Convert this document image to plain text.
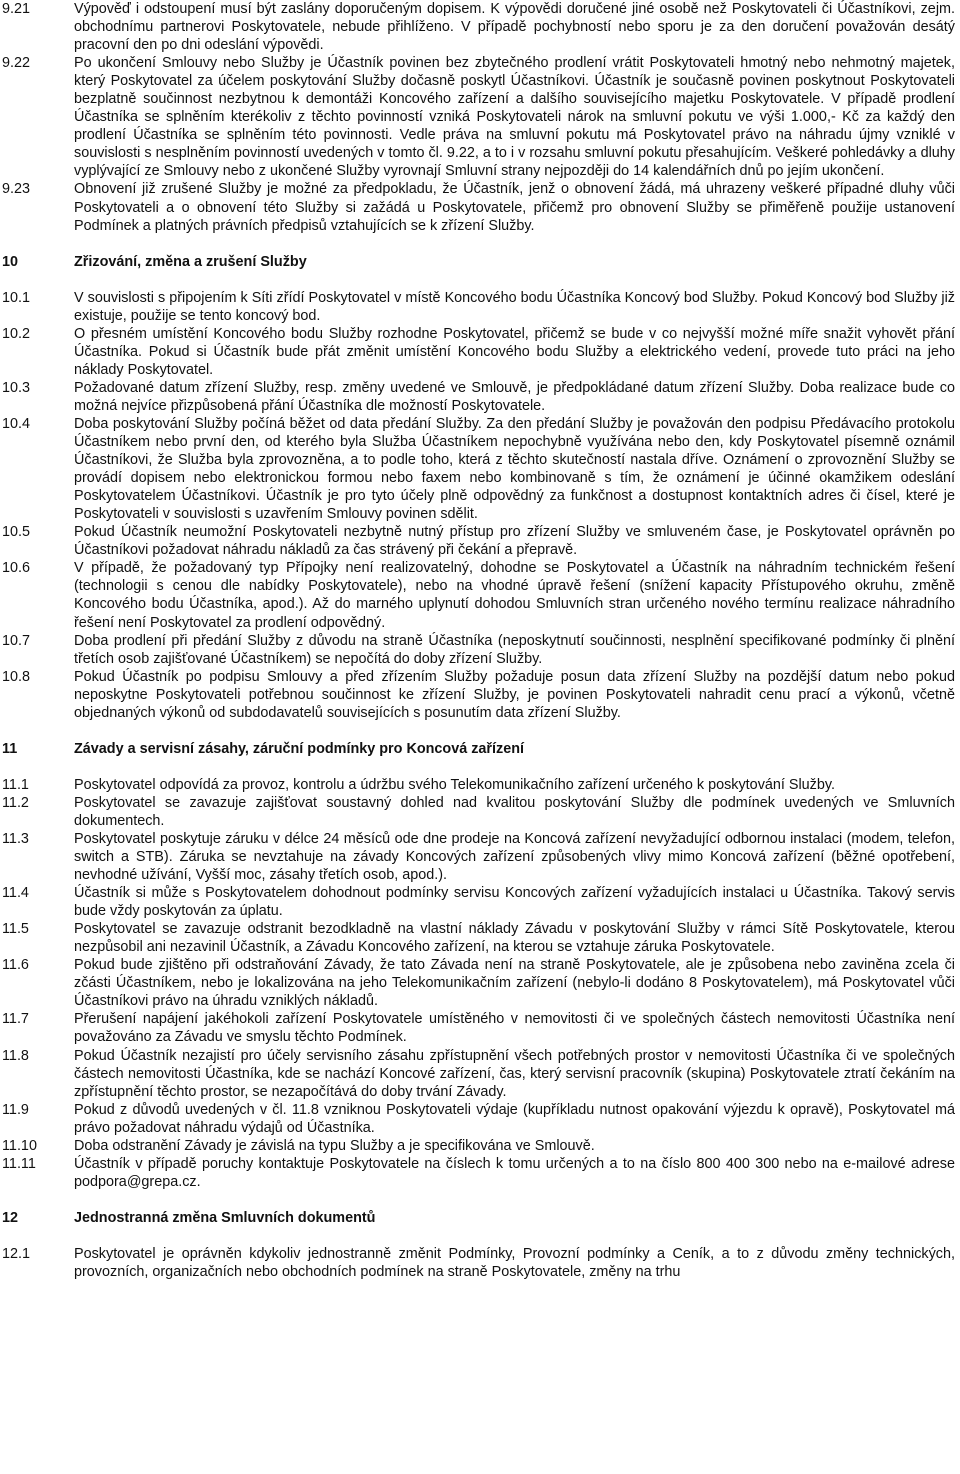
9.21	Výpověď i odstoupení musí být zaslány doporučeným dopisem. K výpovědi doručené jiné osobě než Poskytovateli či Účastníkovi, zejm. obchodnímu partnerovi Poskytovatele, nebude přihlíženo. V případě pochybností nebo sporu je za den doručení považován desátý pracovní den po dni odeslání výpovědi.
9.22	Po ukončení Smlouvy nebo Služby je Účastník povinen bez zbytečného prodlení vrátit Poskytovateli hmotný nebo nehmotný majetek, který Poskytovatel za účelem poskytování Služby dočasně poskytl Účastníkovi. Účastník je současně povinen poskytnout Poskytovateli bezplatně součinnost nezbytnou k demontáži Koncového zařízení a dalšího souvisejícího majetku Poskytovatele. V případě prodlení Účastníka se splněním kterékoliv z těchto povinností vzniká Poskytovateli nárok na smluvní pokutu ve výši 1.000,- Kč za každý den prodlení Účastníka se splněním této povinnosti. Vedle práva na smluvní pokutu má Poskytovatel právo na náhradu újmy vzniklé v souvislosti s nesplněním povinností uvedených v tomto čl. 9.22, a to i v rozsahu smluvní pokutu přesahujícím. Veškeré pohledávky a dluhy vyplývající ze Smlouvy nebo z ukončené Služby vyrovnají Smluvní strany nejpozději do 14 kalendářních dnů po jejím ukončení.
9.23	Obnovení již zrušené Služby je možné za předpokladu, že Účastník, jenž o obnovení žádá, má uhrazeny veškeré případné dluhy vůči Poskytovateli a o obnovení této Služby si zažádá u Poskytovatele, přičemž pro obnovení Služby se přiměřeně použije ustanovení Podmínek a platných právních předpisů vztahujících se k zřízení Služby.
10	Zřizování, změna a zrušení Služby
10.1	V souvislosti s připojením k Síti zřídí Poskytovatel v místě Koncového bodu Účastníka Koncový bod Služby. Pokud Koncový bod Služby již existuje, použije se tento koncový bod.
10.2	O přesném umístění Koncového bodu Služby rozhodne Poskytovatel, přičemž se bude v co nejvyšší možné míře snažit vyhovět přání Účastníka. Pokud si Účastník bude přát změnit umístění Koncového bodu Služby a elektrického vedení, provede tuto práci na jeho náklady Poskytovatel.
10.3	Požadované datum zřízení Služby, resp. změny uvedené ve Smlouvě, je předpokládané datum zřízení Služby. Doba realizace bude co možná nejvíce přizpůsobená přání Účastníka dle možností Poskytovatele.
10.4	Doba poskytování Služby počíná běžet od data předání Služby. Za den předání Služby je považován den podpisu Předávacího protokolu Účastníkem nebo první den, od kterého byla Služba Účastníkem nepochybně využívána nebo den, kdy Poskytovatel písemně oznámil Účastníkovi, že Služba byla zprovozněna, a to podle toho, která z těchto skutečností nastala dříve. Oznámení o zprovoznění Služby se provádí dopisem nebo elektronickou formou nebo faxem nebo kombinovaně s tím, že oznámení je účinné okamžikem odeslání Poskytovatelem Účastníkovi. Účastník je pro tyto účely plně odpovědný za funkčnost a dostupnost kontaktních adres či čísel, které je Poskytovateli v souvislosti s uzavřením Smlouvy povinen sdělit.
10.5	Pokud Účastník neumožní Poskytovateli nezbytně nutný přístup pro zřízení Služby ve smluveném čase, je Poskytovatel oprávněn po Účastníkovi požadovat náhradu nákladů za čas strávený při čekání a přepravě.
10.6	V případě, že požadovaný typ Přípojky není realizovatelný, dohodne se Poskytovatel a Účastník na náhradním technickém řešení (technologii s cenou dle nabídky Poskytovatele), nebo na vhodné úpravě řešení (snížení kapacity Přístupového okruhu, změně Koncového bodu Účastníka, apod.). Až do marného uplynutí dohodou Smluvních stran určeného nového termínu realizace náhradního řešení není Poskytovatel za prodlení odpovědný.
10.7	Doba prodlení při předání Služby z důvodu na straně Účastníka (neposkytnutí součinnosti, nesplnění specifikované podmínky či plnění třetích osob zajišťované Účastníkem) se nepočítá do doby zřízení Služby.
10.8	Pokud Účastník po podpisu Smlouvy a před zřízením Služby požaduje posun data zřízení Služby na pozdější datum nebo pokud neposkytne Poskytovateli potřebnou součinnost ke zřízení Služby, je povinen Poskytovateli nahradit cenu prací a výkonů, včetně objednaných výkonů od subdodavatelů souvisejících s posunutím data zřízení Služby.
11	Závady a servisní zásahy, záruční podmínky pro Koncová zařízení
11.1	Poskytovatel odpovídá za provoz, kontrolu a údržbu svého Telekomunikačního zařízení určeného k poskytování Služby.
11.2	Poskytovatel se zavazuje zajišťovat soustavný dohled nad kvalitou poskytování Služby dle podmínek uvedených ve Smluvních dokumentech.
11.3	Poskytovatel poskytuje záruku v délce 24 měsíců ode dne prodeje na Koncová zařízení nevyžadující odbornou instalaci (modem, telefon, switch a STB). Záruka se nevztahuje na závady Koncových zařízení způsobených vlivy mimo Koncová zařízení (běžné opotřebení, nevhodné užívání, Vyšší moc, zásahy třetích osob, apod.).
11.4	Účastník si může s Poskytovatelem dohodnout podmínky servisu Koncových zařízení vyžadujících instalaci u Účastníka. Takový servis bude vždy poskytován za úplatu.
11.5	Poskytovatel se zavazuje odstranit bezodkladně na vlastní náklady Závadu v poskytování Služby v rámci Sítě Poskytovatele, kterou nezpůsobil ani nezavinil Účastník, a Závadu Koncového zařízení, na kterou se vztahuje záruka Poskytovatele.
11.6	Pokud bude zjištěno při odstraňování Závady, že tato Závada není na straně Poskytovatele, ale je způsobena nebo zaviněna zcela či zčásti Účastníkem, nebo je lokalizována na jeho Telekomunikačním zařízení (nebylo-li dodáno 8 Poskytovatelem), má Poskytovatel vůči Účastníkovi právo na úhradu vzniklých nákladů.
11.7	Přerušení napájení jakéhokoli zařízení Poskytovatele umístěného v nemovitosti či ve společných částech nemovitosti Účastníka není považováno za Závadu ve smyslu těchto Podmínek.
11.8	Pokud Účastník nezajistí pro účely servisního zásahu zpřístupnění všech potřebných prostor v nemovitosti Účastníka či ve společných částech nemovitosti Účastníka, kde se nachází Koncové zařízení, čas, který servisní pracovník (skupina) Poskytovatele ztratí čekáním na zpřístupnění těchto prostor, se nezapočítává do doby trvání Závady.
11.9	Pokud z důvodů uvedených v čl. 11.8 vzniknou Poskytovateli výdaje (kupříkladu nutnost opakování výjezdu k opravě), Poskytovatel má právo požadovat náhradu výdajů od Účastníka.
11.10	Doba odstranění Závady je závislá na typu Služby a je specifikována ve Smlouvě.
11.11	Účastník v případě poruchy kontaktuje Poskytovatele na číslech k tomu určených a to na číslo 800 400 300 nebo na e-mailové adrese podpora@grepa.cz.
12	Jednostranná změna Smluvních dokumentů
12.1	Poskytovatel je oprávněn kdykoliv jednostranně změnit Podmínky, Provozní podmínky a Ceník, a to z důvodu změny technických, provozních, organizačních nebo obchodních podmínek na straně Poskytovatele, změny na trhu
